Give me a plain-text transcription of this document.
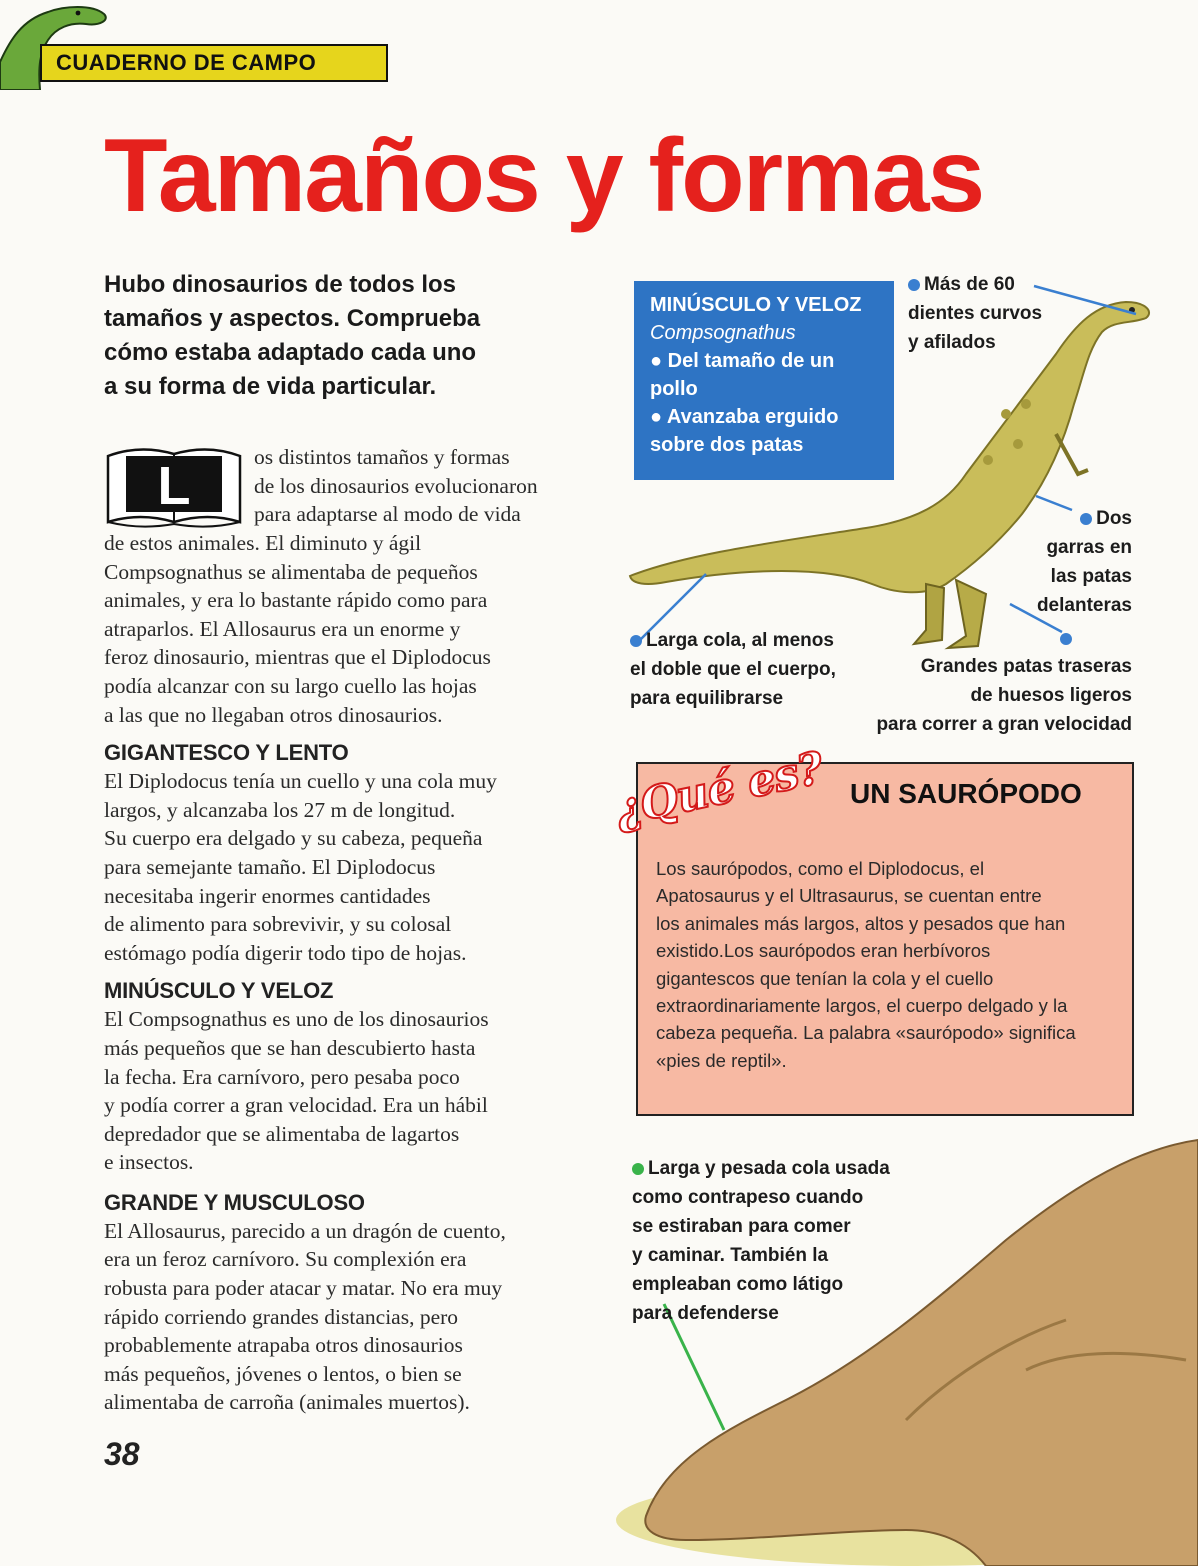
CUADERNO DE CAMPO
Tamaños y formas
Hubo dinosaurios de todos los
tamaños y aspectos. Comprueba
cómo estaba adaptado cada uno
a su forma de vida particular.
L	os distintos tamaños y formas
de los dinosaurios evolucionaron
para adaptarse al modo de vida
de estos animales. El diminuto y ágil
Compsognathus se alimentaba de pequeños
animales, y era lo bastante rápido como para
atraparlos. El Allosaurus era un enorme y
feroz dinosaurio, mientras que el Diplodocus
podía alcanzar con su largo cuello las hojas
a las que no llegaban otros dinosaurios.
GIGANTESCO Y LENTO
El Diplodocus tenía un cuello y una cola muy
largos, y alcanzaba los 27 m de longitud.
Su cuerpo era delgado y su cabeza, pequeña
para semejante tamaño. El Diplodocus
necesitaba ingerir enormes cantidades
de alimento para sobrevivir, y su colosal
estómago podía digerir todo tipo de hojas.
MINÚSCULO Y VELOZ
El Compsognathus es uno de los dinosaurios
más pequeños que se han descubierto hasta
la fecha. Era carnívoro, pero pesaba poco
y podía correr a gran velocidad. Era un hábil
depredador que se alimentaba de lagartos
e insectos.
GRANDE Y MUSCULOSO
El Allosaurus, parecido a un dragón de cuento,
era un feroz carnívoro. Su complexión era
robusta para poder atacar y matar. No era muy
rápido corriendo grandes distancias, pero
probablemente atrapaba otros dinosaurios
más pequeños, jóvenes o lentos, o bien se
alimentaba de carroña (animales muertos).
38
MINÚSCULO Y VELOZ
Compsognathus
● Del tamaño de un
pollo
● Avanzaba erguido
sobre dos patas
Más de 60
dientes curvos
y afilados
Dos
garras en
las patas
delanteras
Larga cola, al menos
el doble que el cuerpo,
para equilibrarse
Grandes patas traseras
de huesos ligeros
para correr a gran velocidad
¿Qué es? UN SAURÓPODO
Los saurópodos, como el Diplodocus, el
Apatosaurus y el Ultrasaurus, se cuentan entre
los animales más largos, altos y pesados que han
existido.Los saurópodos eran herbívoros
gigantescos que tenían la cola y el cuello
extraordinariamente largos, el cuerpo delgado y la
cabeza pequeña. La palabra «saurópodo» significa
«pies de reptil».
Larga y pesada cola usada
como contrapeso cuando
se estiraban para comer
y caminar. También la
empleaban como látigo
para defenderse
